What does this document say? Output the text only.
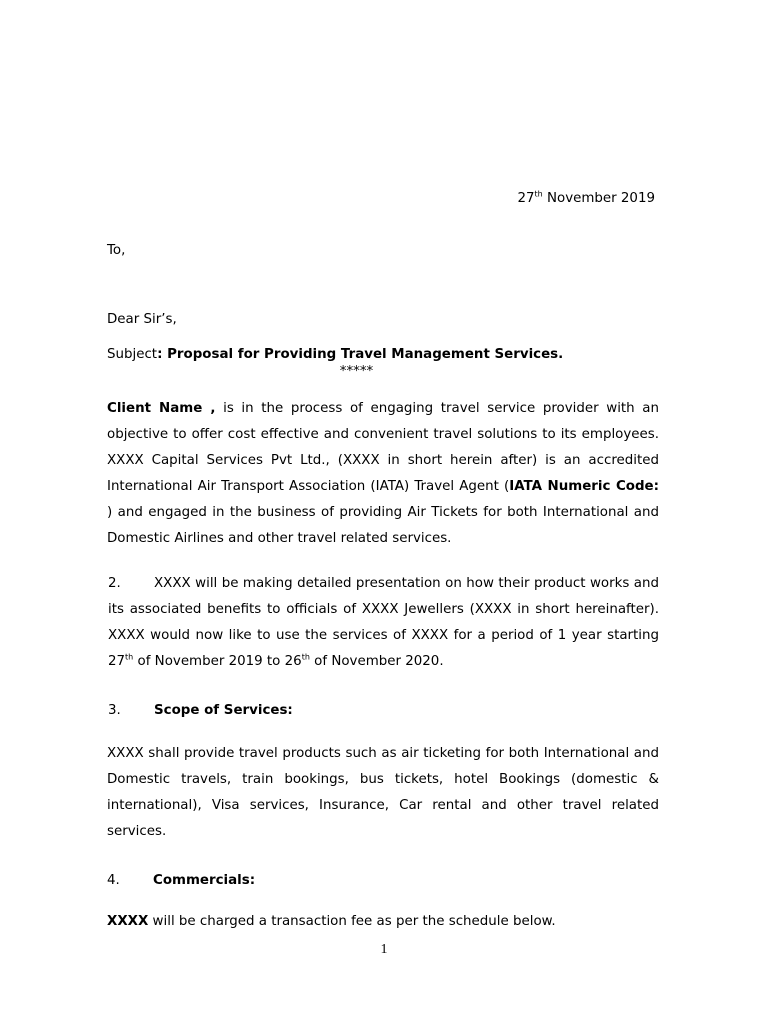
27th November 2019
To,
Dear Sir’s,
Subject: Proposal for Providing Travel Management Services.
*****

Client Name , is in the process of engaging travel service provider with an objective to offer cost effective and convenient travel solutions to its employees. XXXX Capital Services Pvt Ltd., (XXXX in short herein after) is an accredited International Air Transport Association (IATA) Travel Agent (IATA Numeric Code: ) and engaged in the business of providing Air Tickets for both International and Domestic Airlines and other travel related services.

2. XXXX will be making detailed presentation on how their product works and its associated benefits to officials of XXXX Jewellers (XXXX in short hereinafter). XXXX would now like to use the services of XXXX for a period of 1 year starting 27th of November 2019 to 26th of November 2020.

3. Scope of Services:

XXXX shall provide travel products such as air ticketing for both International and Domestic travels, train bookings, bus tickets, hotel Bookings (domestic & international), Visa services, Insurance, Car rental and other travel related services.

4. Commercials:

XXXX will be charged a transaction fee as per the schedule below.

1
